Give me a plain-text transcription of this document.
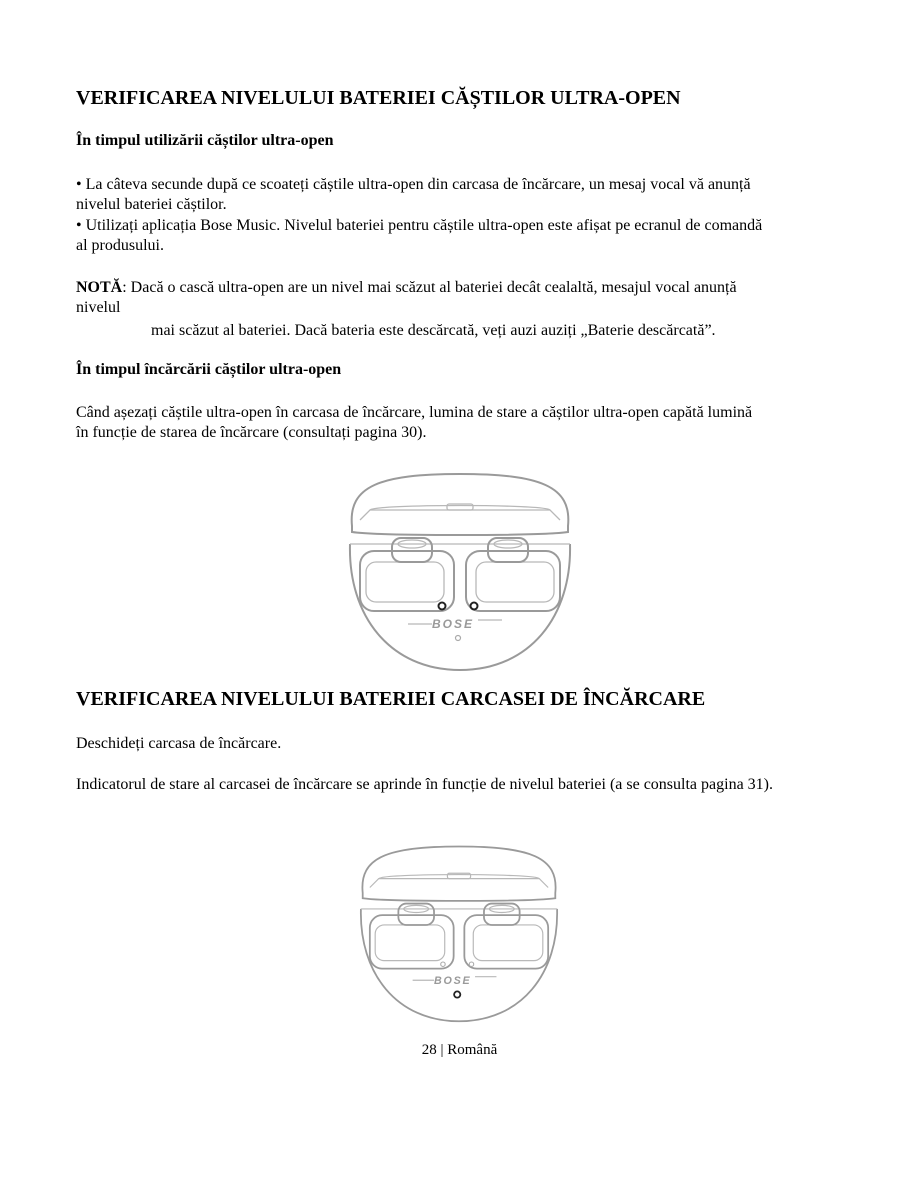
VERIFICAREA NIVELULUI BATERIEI CĂȘTILOR ULTRA-OPEN
În timpul utilizării căștilor ultra-open
• La câteva secunde după ce scoateți căștile ultra-open din carcasa de încărcare, un mesaj vocal vă anunță
nivelul bateriei căștilor.
• Utilizați aplicația Bose Music. Nivelul bateriei pentru căștile ultra-open este afișat pe ecranul de comandă
al produsului.
NOTĂ: Dacă o cască ultra-open are un nivel mai scăzut al bateriei decât cealaltă, mesajul vocal anunță
nivelul
mai scăzut al bateriei. Dacă bateria este descărcată, veți auzi auziți „Baterie descărcată”.
În timpul încărcării căștilor ultra-open
Când așezați căștile ultra-open în carcasa de încărcare, lumina de stare a căștilor ultra-open capătă lumină
în funcție de starea de încărcare (consultați pagina 30).
BOSE
VERIFICAREA NIVELULUI BATERIEI CARCASEI DE ÎNCĂRCARE
Deschideți carcasa de încărcare.
Indicatorul de stare al carcasei de încărcare se aprinde în funcție de nivelul bateriei (a se consulta pagina 31).
BOSE
28 | Română
